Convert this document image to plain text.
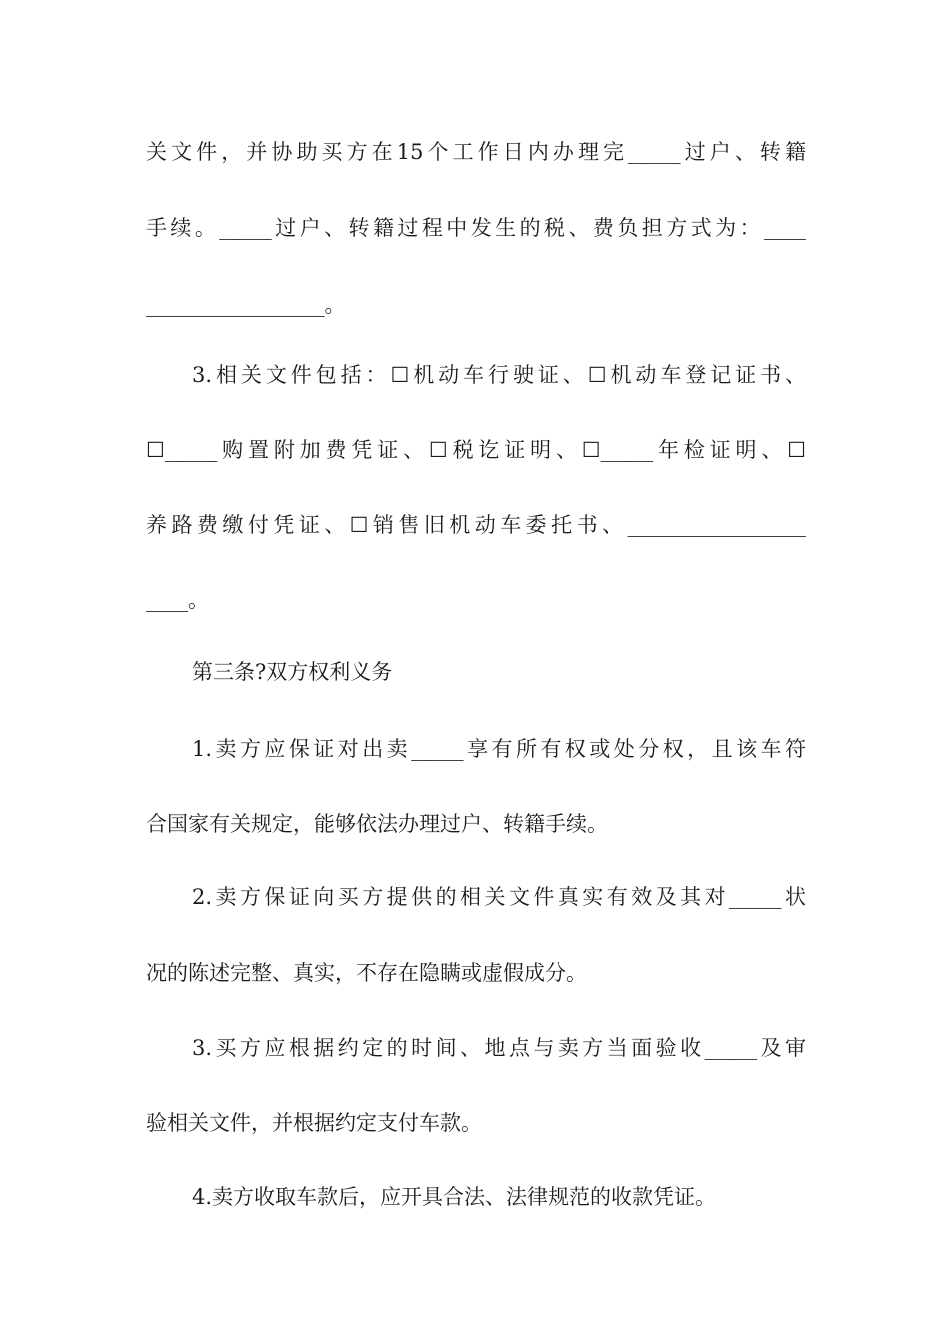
关文件，并协助买方在15个工作日内办理完_____过户、转籍
手续。_____过户、转籍过程中发生的税、费负担方式为：____
_________________。
3.相关文件包括：☐机动车行驶证、☐机动车登记证书、
☐_____购置附加费凭证、☐税讫证明、☐_____年检证明、☐
养路费缴付凭证、☐销售旧机动车委托书、_________________
____。
第三条?双方权利义务
1.卖方应保证对出卖_____享有所有权或处分权，且该车符
合国家有关规定，能够依法办理过户、转籍手续。
2.卖方保证向买方提供的相关文件真实有效及其对_____状
况的陈述完整、真实，不存在隐瞒或虚假成分。
3.买方应根据约定的时间、地点与卖方当面验收_____及审
验相关文件，并根据约定支付车款。
4.卖方收取车款后，应开具合法、法律规范的收款凭证。
